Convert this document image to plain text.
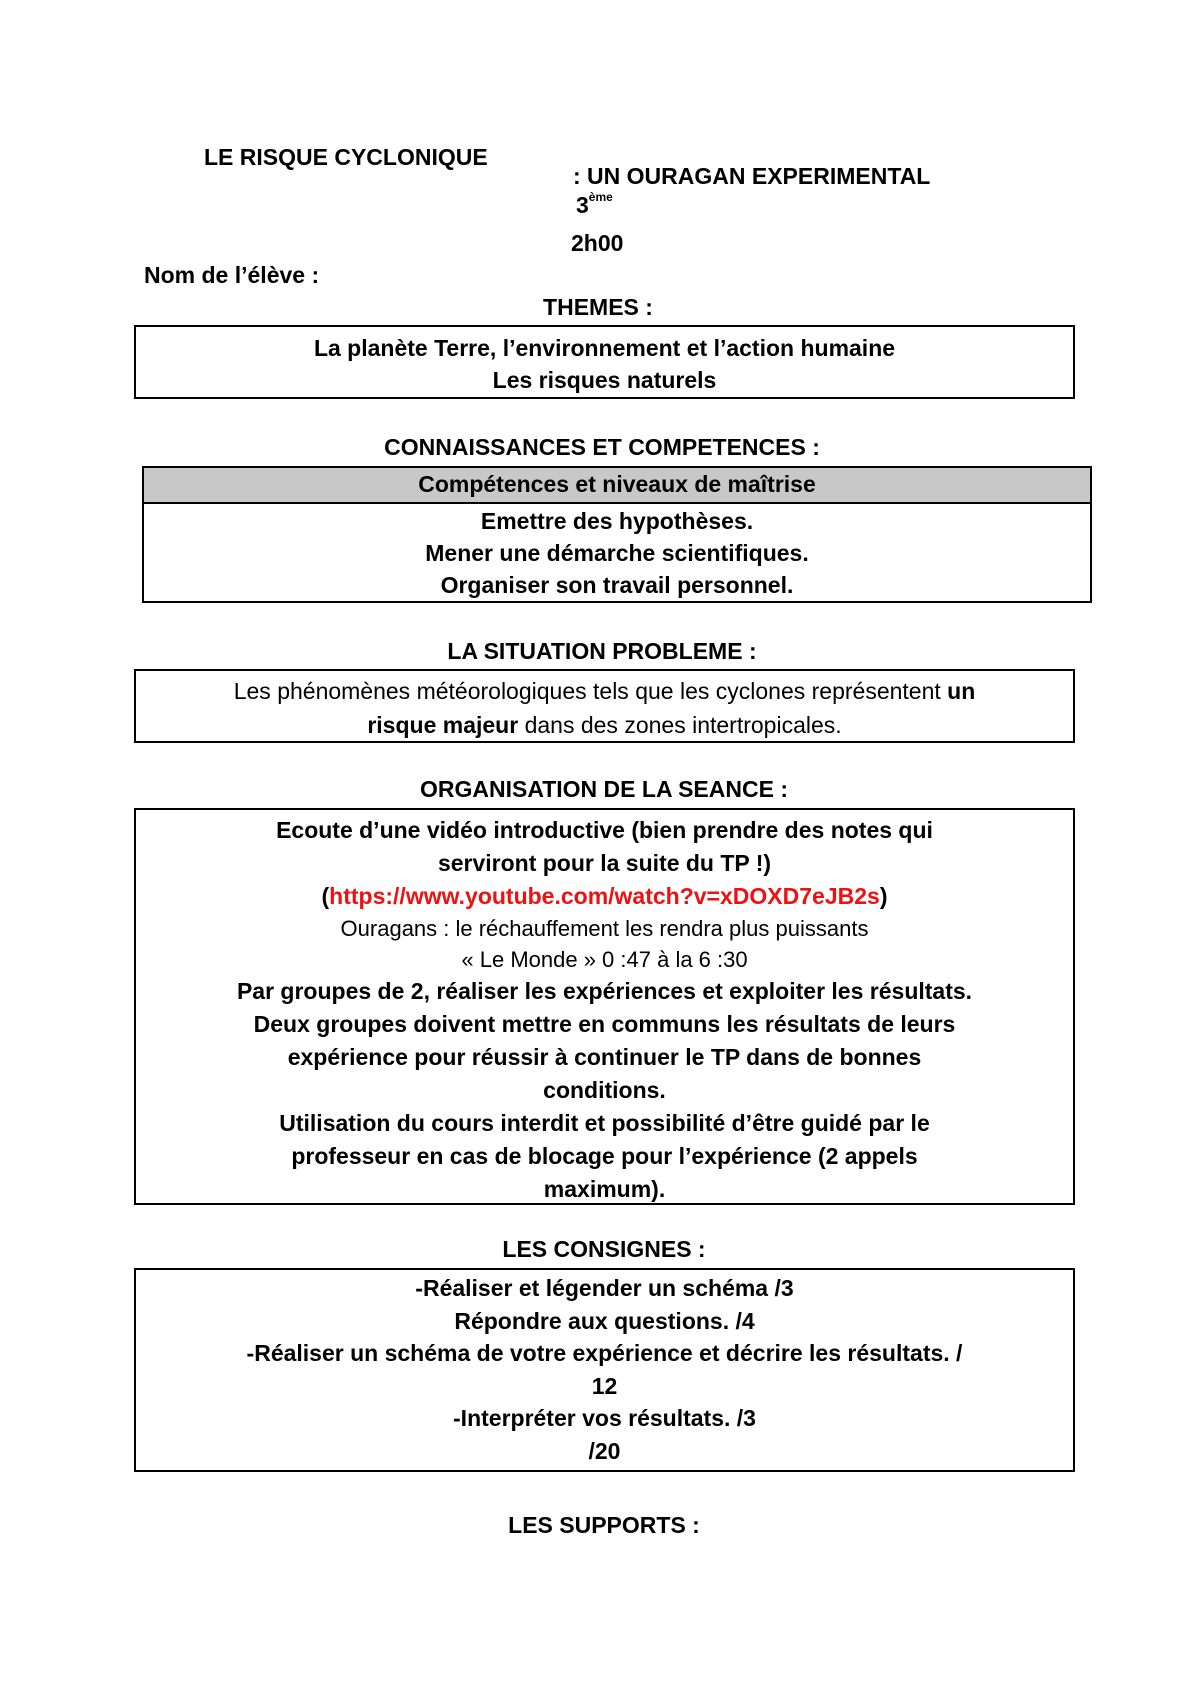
LE RISQUE CYCLONIQUE
: UN OURAGAN EXPERIMENTAL
3ème
2h00
Nom de l’élève :
THEMES :
La planète Terre, l’environnement et l’action humaine
Les risques naturels
CONNAISSANCES ET COMPETENCES :
Compétences et niveaux de maîtrise
Emettre des hypothèses.
Mener une démarche scientifiques.
Organiser son travail personnel.
LA SITUATION PROBLEME :
Les phénomènes météorologiques tels que les cyclones représentent un
risque majeur dans des zones intertropicales.
ORGANISATION DE LA SEANCE :
Ecoute d’une vidéo introductive (bien prendre des notes qui
serviront pour la suite du TP !)
(https://www.youtube.com/watch?v=xDOXD7eJB2s)
Ouragans : le réchauffement les rendra plus puissants
« Le Monde » 0 :47 à la 6 :30
Par groupes de 2, réaliser les expériences et exploiter les résultats.
Deux groupes doivent mettre en communs les résultats de leurs
expérience pour réussir à continuer le TP dans de bonnes
conditions.
Utilisation du cours interdit et possibilité d’être guidé par le
professeur en cas de blocage pour l’expérience (2 appels
maximum).
LES CONSIGNES :
-Réaliser et légender un schéma /3
Répondre aux questions. /4
-Réaliser un schéma de votre expérience et décrire les résultats. /
12
-Interpréter vos résultats. /3
/20
LES SUPPORTS :
